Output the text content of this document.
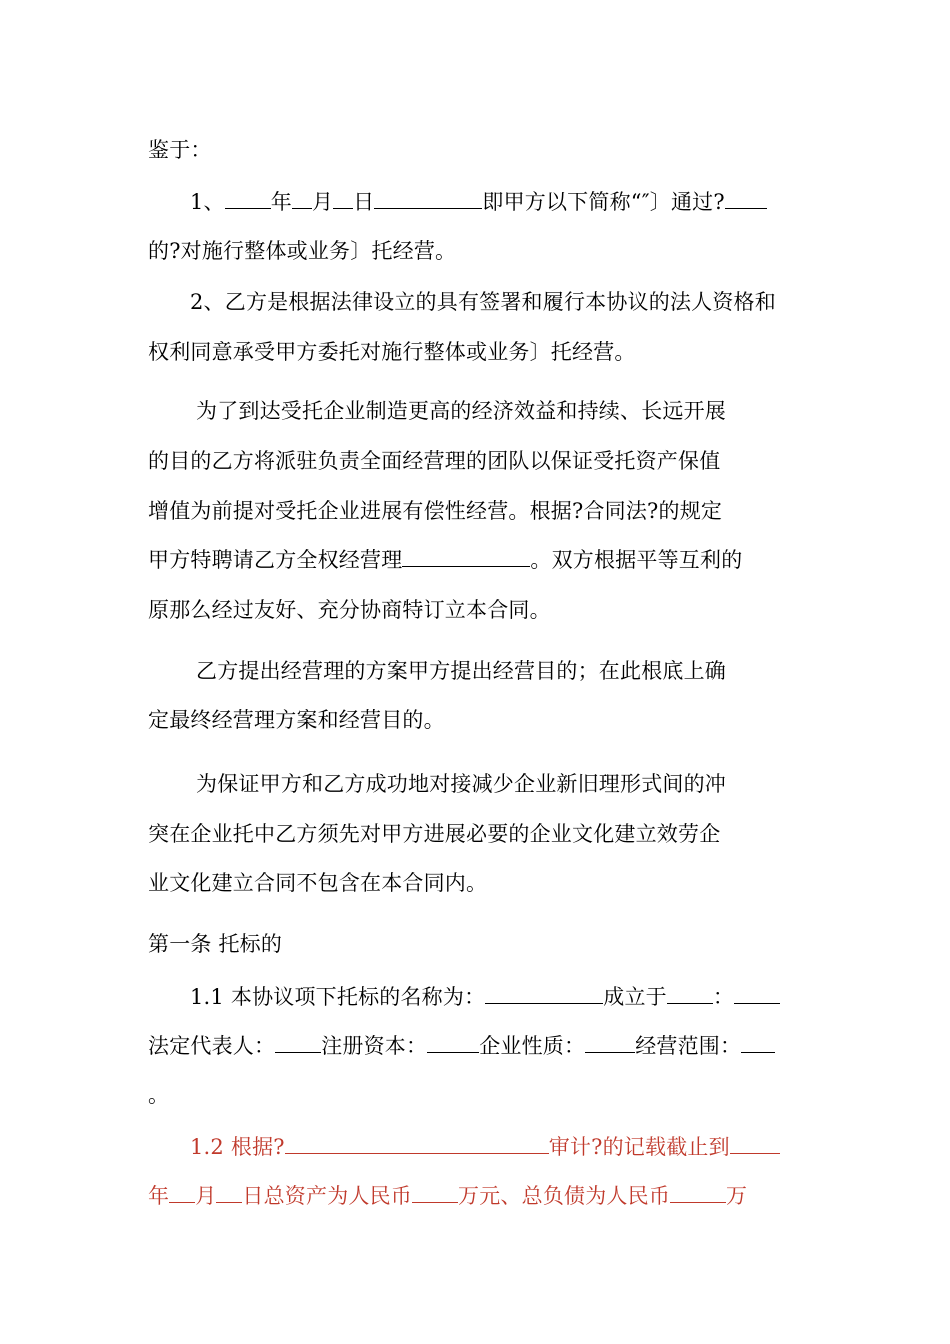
鉴于：
1、 年 月 日	即甲方以下简称“″〕通过?
的?对施行整体或业务〕托经营。
2、乙方是根据法律设立的具有签署和履行本协议的法人资格和
权利同意承受甲方委托对施行整体或业务〕托经营。
为了到达受托企业制造更高的经济效益和持续、长远开展
的目的乙方将派驻负责全面经营理的团队以保证受托资产保值
增值为前提对受托企业进展有偿性经营。根据?合同法?的规定
甲方特聘请乙方全权经营理	。双方根据平等互利的
原那么经过友好、充分协商特订立本合同。
乙方提出经营理的方案甲方提出经营目的；在此根底上确
定最终经营理方案和经营目的。
为保证甲方和乙方成功地对接减少企业新旧理形式间的冲
突在企业托中乙方须先对甲方进展必要的企业文化建立效劳企
业文化建立合同不包含在本合同内。
第一条 托标的
1.1 本协议项下托标的名称为：	成立于 ：
法定代表人： 注册资本： 企业性质： 经营范围：
。
1.2 根据?	审计?的记载截止到
年 月 日总资产为人民币 万元、总负债为人民币	万
